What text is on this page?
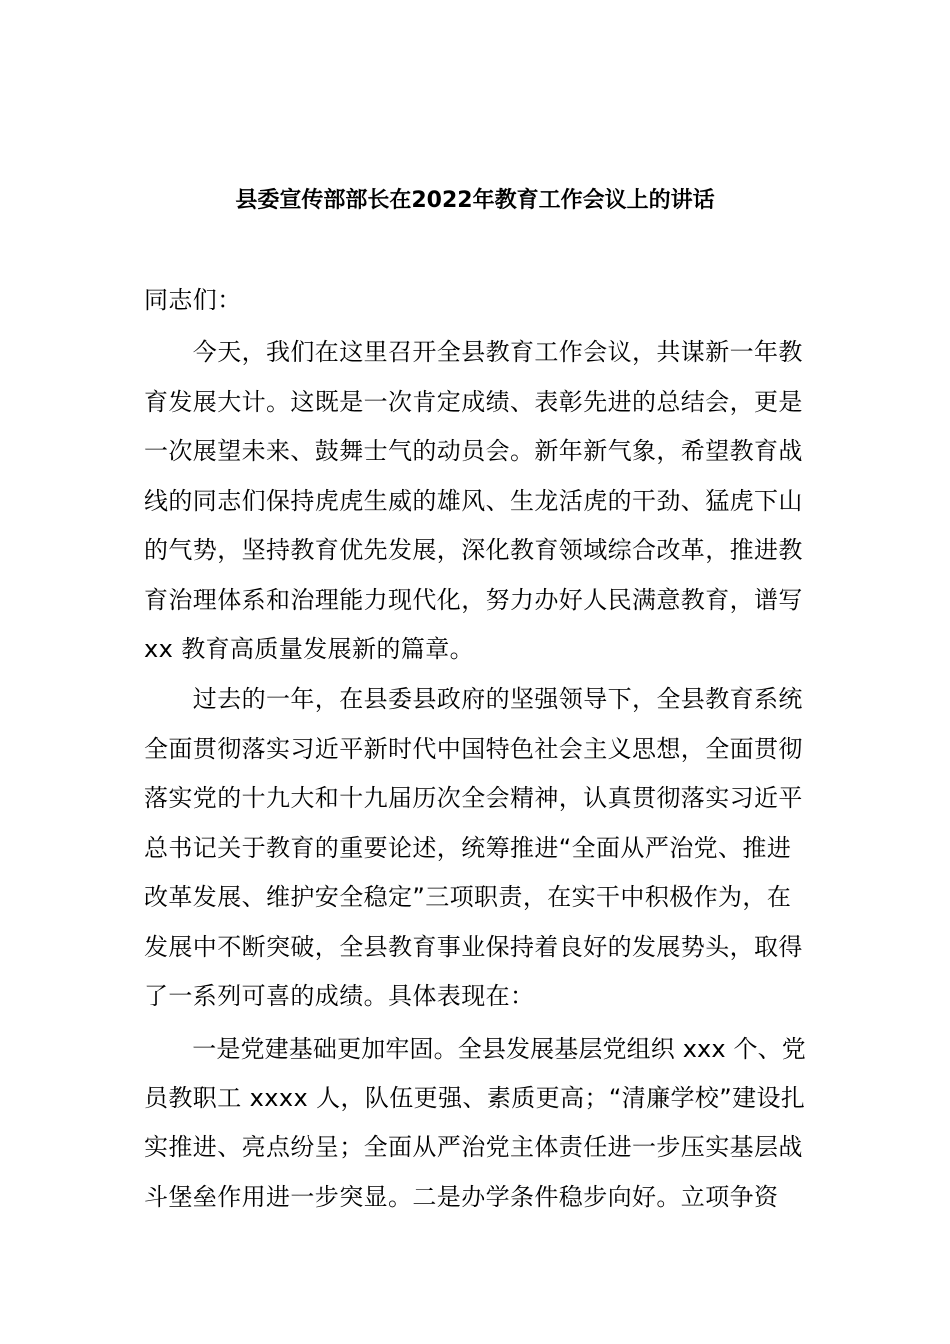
县委宣传部部长在2022年教育工作会议上的讲话
同志们：
　　今天，我们在这里召开全县教育工作会议，共谋新一年教
育发展大计。这既是一次肯定成绩、表彰先进的总结会，更是
一次展望未来、鼓舞士气的动员会。新年新气象，希望教育战
线的同志们保持虎虎生威的雄风、生龙活虎的干劲、猛虎下山
的气势，坚持教育优先发展，深化教育领域综合改革，推进教
育治理体系和治理能力现代化，努力办好人民满意教育，谱写
xx 教育高质量发展新的篇章。
　　过去的一年，在县委县政府的坚强领导下，全县教育系统
全面贯彻落实习近平新时代中国特色社会主义思想，全面贯彻
落实党的十九大和十九届历次全会精神，认真贯彻落实习近平
总书记关于教育的重要论述，统筹推进“全面从严治党、推进
改革发展、维护安全稳定”三项职责，在实干中积极作为，在
发展中不断突破，全县教育事业保持着良好的发展势头，取得
了一系列可喜的成绩。具体表现在：
　　一是党建基础更加牢固。全县发展基层党组织 xxx 个、党
员教职工 xxxx 人，队伍更强、素质更高；“清廉学校”建设扎
实推进、亮点纷呈；全面从严治党主体责任进一步压实基层战
斗堡垒作用进一步突显。二是办学条件稳步向好。立项争资
